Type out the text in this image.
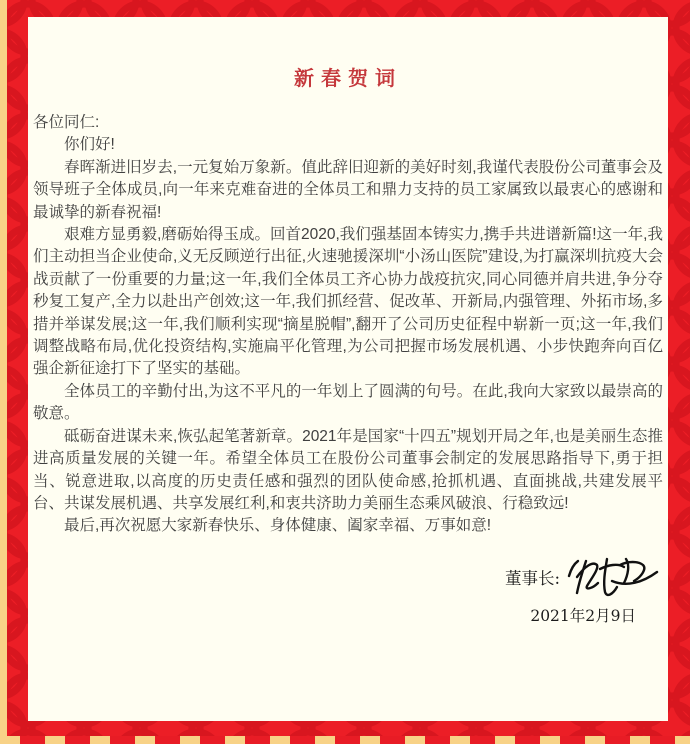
新春贺词

各位同仁:

你们好!

春晖渐进旧岁去,一元复始万象新。值此辞旧迎新的美好时刻,我谨代表股份公司董事会及领导班子全体成员,向一年来克难奋进的全体员工和鼎力支持的员工家属致以最衷心的感谢和最诚挚的新春祝福!

艰难方显勇毅,磨砺始得玉成。回首2020,我们强基固本铸实力,携手共进谱新篇!这一年,我们主动担当企业使命,义无反顾逆行出征,火速驰援深圳“小汤山医院”建设,为打赢深圳抗疫大会战贡献了一份重要的力量;这一年,我们全体员工齐心协力战疫抗灾,同心同德并肩共进,争分夺秒复工复产,全力以赴出产创效;这一年,我们抓经营、促改革、开新局,内强管理、外拓市场,多措并举谋发展;这一年,我们顺利实现“摘星脱帽”,翻开了公司历史征程中崭新一页;这一年,我们调整战略布局,优化投资结构,实施扁平化管理,为公司把握市场发展机遇、小步快跑奔向百亿强企新征途打下了坚实的基础。

全体员工的辛勤付出,为这不平凡的一年划上了圆满的句号。在此,我向大家致以最崇高的敬意。

砥砺奋进谋未来,恢弘起笔著新章。2021年是国家“十四五”规划开局之年,也是美丽生态推进高质量发展的关键一年。希望全体员工在股份公司董事会制定的发展思路指导下,勇于担当、锐意进取,以高度的历史责任感和强烈的团队使命感,抢抓机遇、直面挑战,共建发展平台、共谋发展机遇、共享发展红利,和衷共济助力美丽生态乘风破浪、行稳致远!

最后,再次祝愿大家新春快乐、身体健康、阖家幸福、万事如意!

董事长:
2021年2月9日
